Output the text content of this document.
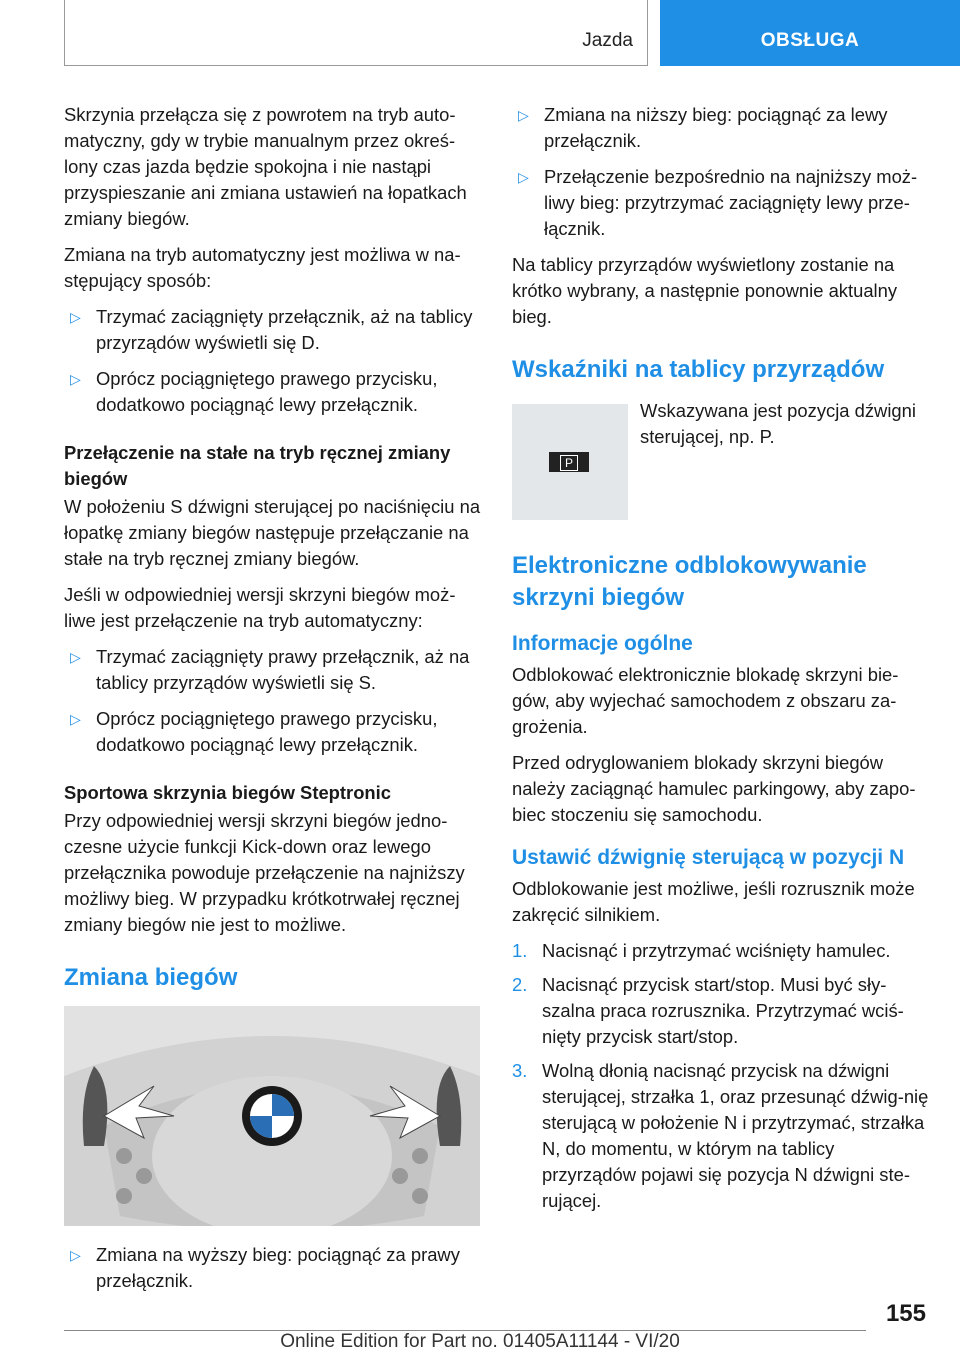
Jazda	OBSŁUGA

Skrzynia przełącza się z powrotem na tryb auto-matyczny, gdy w trybie manualnym przez okreś-lony czas jazda będzie spokojna i nie nastąpi przyspieszanie ani zmiana ustawień na łopatkach zmiany biegów.

Zmiana na tryb automatyczny jest możliwa w na-stępujący sposób:

▷ Trzymać zaciągnięty przełącznik, aż na tablicy przyrządów wyświetli się D.
▷ Oprócz pociągniętego prawego przycisku, dodatkowo pociągnąć lewy przełącznik.
Przełączenie na stałe na tryb ręcznej zmiany biegów

W położeniu S dźwigni sterującej po naciśnięciu na łopatkę zmiany biegów następuje przełączanie na stałe na tryb ręcznej zmiany biegów.

Jeśli w odpowiedniej wersji skrzyni biegów moż-liwe jest przełączenie na tryb automatyczny:

▷ Trzymać zaciągnięty prawy przełącznik, aż na tablicy przyrządów wyświetli się S.
▷ Oprócz pociągniętego prawego przycisku, dodatkowo pociągnąć lewy przełącznik.
Sportowa skrzynia biegów Steptronic

Przy odpowiedniej wersji skrzyni biegów jedno-czesne użycie funkcji Kick-down oraz lewego przełącznika powoduje przełączenie na najniższy możliwy bieg. W przypadku krótkotrwałej ręcznej zmiany biegów nie jest to możliwe.

Zmiana biegów
▷ Zmiana na wyższy bieg: pociągnąć za prawy przełącznik.
▷ Zmiana na niższy bieg: pociągnąć za lewy przełącznik.
▷ Przełączenie bezpośrednio na najniższy moż-liwy bieg: przytrzymać zaciągnięty lewy prze-łącznik.

Na tablicy przyrządów wyświetlony zostanie na krótko wybrany, a następnie ponownie aktualny bieg.

Wskaźniki na tablicy przyrządów
P
Wskazywana jest pozycja dźwigni sterującej, np. P.
Elektroniczne odblokowywanie skrzyni biegów
Informacje ogólne

Odblokować elektronicznie blokadę skrzyni bie-gów, aby wyjechać samochodem z obszaru za-grożenia.

Przed odryglowaniem blokady skrzyni biegów należy zaciągnąć hamulec parkingowy, aby zapo-biec stoczeniu się samochodu.

Ustawić dźwignię sterującą w pozycji N

Odblokowanie jest możliwe, jeśli rozrusznik może zakręcić silnikiem.

1. Nacisnąć i przytrzymać wciśnięty hamulec.
2. Nacisnąć przycisk start/stop. Musi być sły-szalna praca rozrusznika. Przytrzymać wciś-nięty przycisk start/stop.
3. Wolną dłonią nacisnąć przycisk na dźwigni sterującej, strzałka 1, oraz przesunąć dźwig-nię sterującą w położenie N i przytrzymać, strzałka N, do momentu, w którym na tablicy przyrządów pojawi się pozycja N dźwigni ste-rującej.
155
Online Edition for Part no. 01405A11144 - VI/20
